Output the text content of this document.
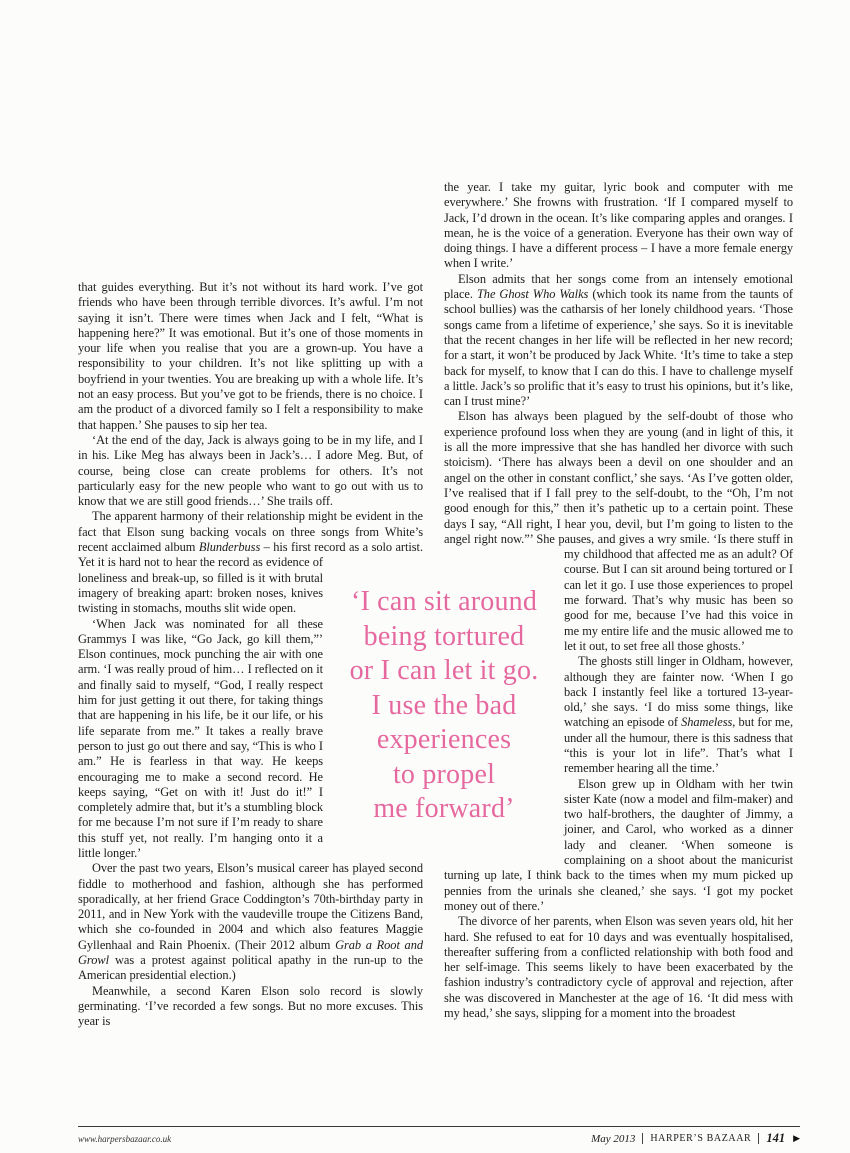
that guides everything. But it’s not without its hard work. I’ve got friends who have been through terrible divorces. It’s awful. I’m not saying it isn’t. There were times when Jack and I felt, “What is happening here?” It was emotional. But it’s one of those moments in your life when you realise that you are a grown-up. You have a responsibility to your children. It’s not like splitting up with a boyfriend in your twenties. You are breaking up with a whole life. It’s not an easy process. But you’ve got to be friends, there is no choice. I am the product of a divorced family so I felt a responsibility to make that happen.’ She pauses to sip her tea.

‘At the end of the day, Jack is always going to be in my life, and I in his. Like Meg has always been in Jack’s… I adore Meg. But, of course, being close can create problems for others. It’s not particularly easy for the new people who want to go out with us to know that we are still good friends…’ She trails off.

The apparent harmony of their relationship might be evident in the fact that Elson sung backing vocals on three songs from White’s recent acclaimed album Blunderbuss – his first record as a solo artist. Yet it is hard not to hear the record as evidence of loneliness and break-up, so filled is it with brutal imagery of breaking apart: broken noses, knives twisting in stomachs, mouths slit wide open.

‘When Jack was nominated for all these Grammys I was like, “Go Jack, go kill them,”’ Elson continues, mock punching the air with one arm. ‘I was really proud of him… I reflected on it and finally said to myself, “God, I really respect him for just getting it out there, for taking things that are happening in his life, be it our life, or his life separate from me.” It takes a really brave person to just go out there and say, “This is who I am.” He is fearless in that way. He keeps encouraging me to make a second record. He keeps saying, “Get on with it! Just do it!” I completely admire that, but it’s a stumbling block for me because I’m not sure if I’m ready to share this stuff yet, not really. I’m hanging onto it a little longer.’

Over the past two years, Elson’s musical career has played second fiddle to motherhood and fashion, although she has performed sporadically, at her friend Grace Coddington’s 70th-birthday party in 2011, and in New York with the vaudeville troupe the Citizens Band, which she co-founded in 2004 and which also features Maggie Gyllenhaal and Rain Phoenix. (Their 2012 album Grab a Root and Growl was a protest against political apathy in the run-up to the American presidential election.)

Meanwhile, a second Karen Elson solo record is slowly germinating. ‘I’ve recorded a few songs. But no more excuses. This year is

the year. I take my guitar, lyric book and computer with me everywhere.’ She frowns with frustration. ‘If I compared myself to Jack, I’d drown in the ocean. It’s like comparing apples and oranges. I mean, he is the voice of a generation. Everyone has their own way of doing things. I have a different process – I have a more female energy when I write.’

Elson admits that her songs come from an intensely emotional place. The Ghost Who Walks (which took its name from the taunts of school bullies) was the catharsis of her lonely childhood years. ‘Those songs came from a lifetime of experience,’ she says. So it is inevitable that the recent changes in her life will be reflected in her new record; for a start, it won’t be produced by Jack White. ‘It’s time to take a step back for myself, to know that I can do this. I have to challenge myself a little. Jack’s so prolific that it’s easy to trust his opinions, but it’s like, can I trust mine?’

Elson has always been plagued by the self-doubt of those who experience profound loss when they are young (and in light of this, it is all the more impressive that she has handled her divorce with such stoicism). ‘There has always been a devil on one shoulder and an angel on the other in constant conflict,’ she says. ‘As I’ve gotten older, I’ve realised that if I fall prey to the self-doubt, to the “Oh, I’m not good enough for this,” then it’s pathetic up to a certain point. These days I say, “All right, I hear you, devil, but I’m going to listen to the angel right now.”’ She pauses, and gives a wry smile. ‘Is there stuff in my childhood that affected me as an adult? Of course. But I can sit around being tortured or I can let it go. I use those experiences to propel me forward. That’s why music has been so good for me, because I’ve had this voice in me my entire life and the music allowed me to let it out, to set free all those ghosts.’

The ghosts still linger in Oldham, however, although they are fainter now. ‘When I go back I instantly feel like a tortured 13-year-old,’ she says. ‘I do miss some things, like watching an episode of Shameless, but for me, under all the humour, there is this sadness that “this is your lot in life”. That’s what I remember hearing all the time.’

Elson grew up in Oldham with her twin sister Kate (now a model and film-maker) and two half-brothers, the daughter of Jimmy, a joiner, and Carol, who worked as a dinner lady and cleaner. ‘When someone is complaining on a shoot about the manicurist turning up late, I think back to the times when my mum picked up pennies from the urinals she cleaned,’ she says. ‘I got my pocket money out of there.’

The divorce of her parents, when Elson was seven years old, hit her hard. She refused to eat for 10 days and was eventually hospitalised, thereafter suffering from a conflicted relationship with both food and her self-image. This seems likely to have been exacerbated by the fashion industry’s contradictory cycle of approval and rejection, after she was discovered in Manchester at the age of 16. ‘It did mess with my head,’ she says, slipping for a moment into the broadest

‘I can sit around
being tortured
or I can let it go.
I use the bad
experiences
to propel
me forward’
www.harpersbazaar.co.uk	May 2013 HARPER’S BAZAAR 141 ▶
